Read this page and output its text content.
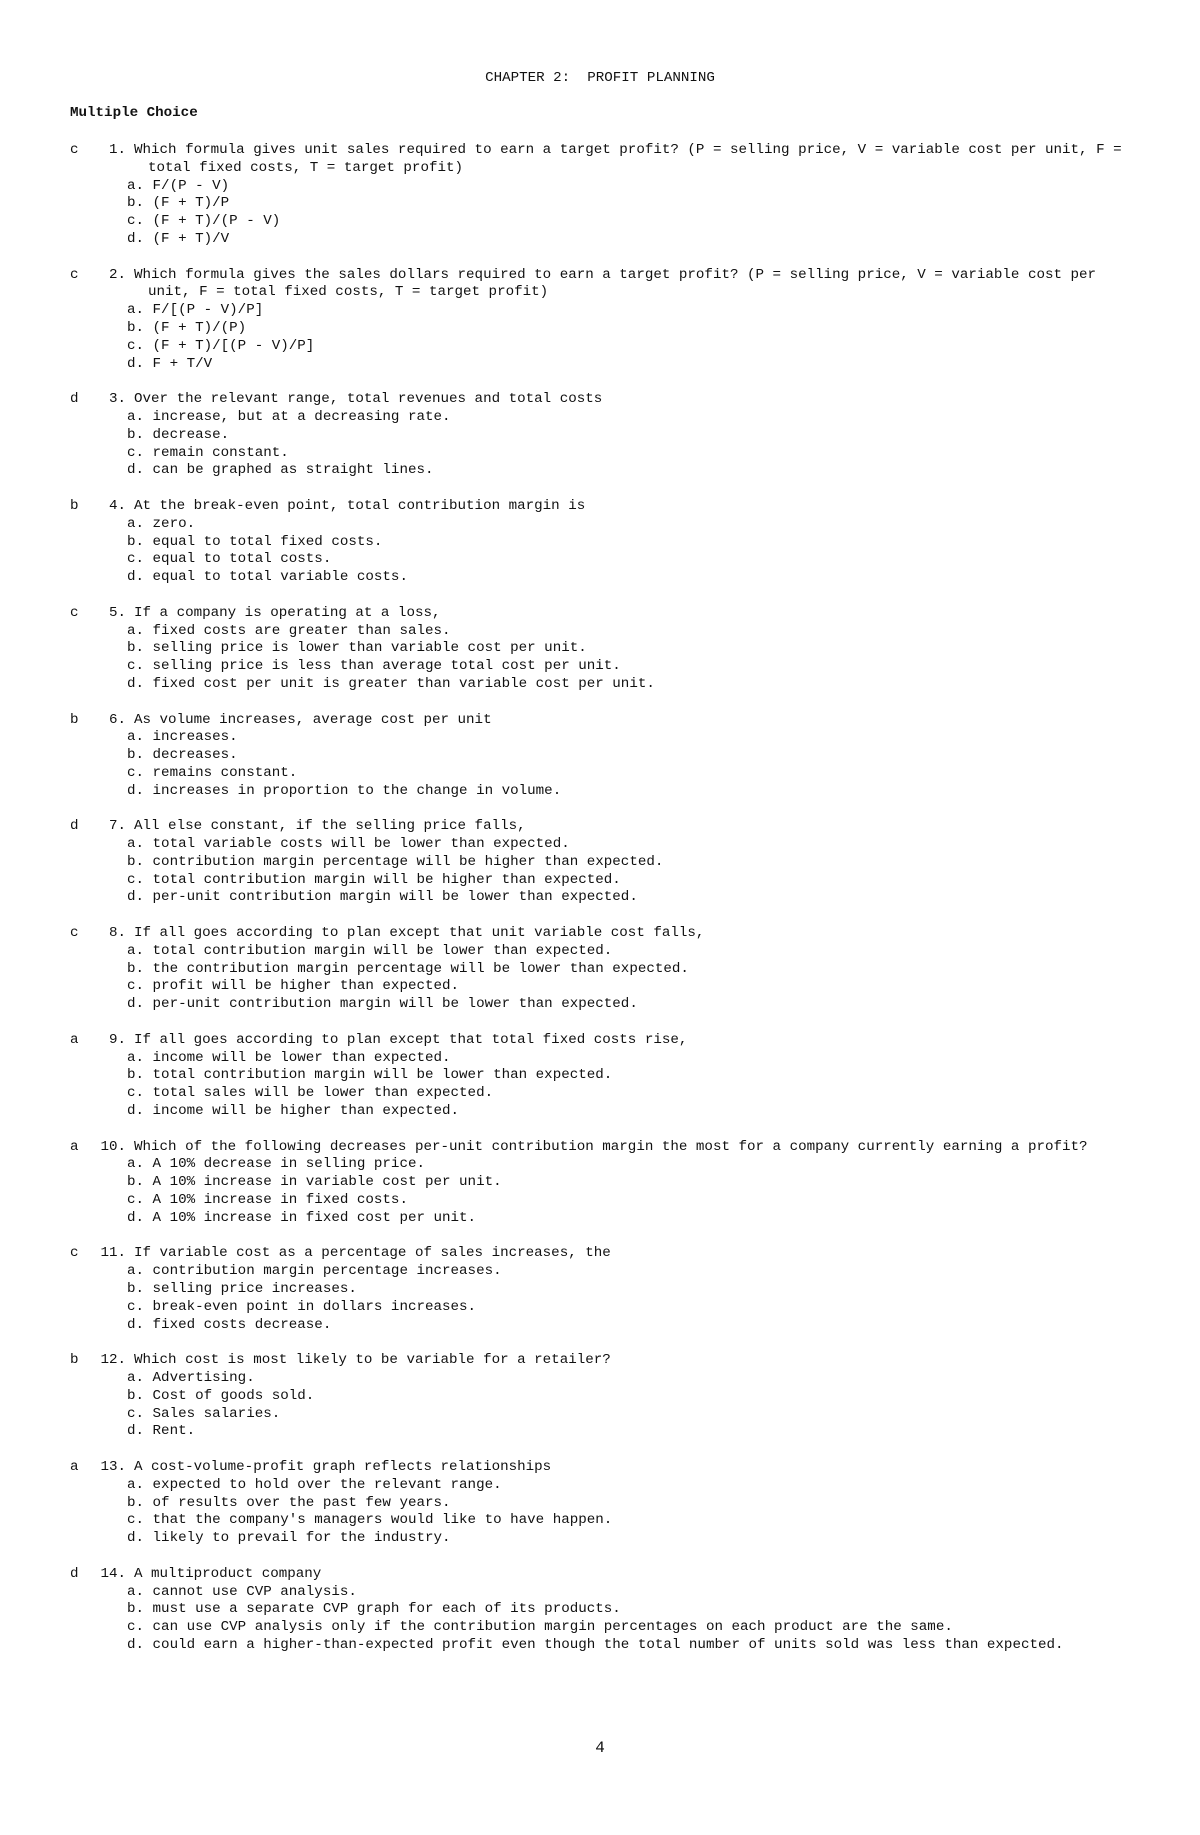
CHAPTER 2:  PROFIT PLANNING
Multiple Choice
c	1. Which formula gives unit sales required to earn a target profit? (P = selling price, V = variable cost per unit, F = total fixed costs, T = target profit)
a. F/(P - V)
b. (F + T)/P
c. (F + T)/(P - V)
d. (F + T)/V
c	2. Which formula gives the sales dollars required to earn a target profit? (P = selling price, V = variable cost per unit, F = total fixed costs, T = target profit)
a. F/[(P - V)/P]
b. (F + T)/(P)
c. (F + T)/[(P - V)/P]
d. F + T/V
d	3. Over the relevant range, total revenues and total costs
a. increase, but at a decreasing rate.
b. decrease.
c. remain constant.
d. can be graphed as straight lines.
b	4. At the break-even point, total contribution margin is
a. zero.
b. equal to total fixed costs.
c. equal to total costs.
d. equal to total variable costs.
c	5. If a company is operating at a loss,
a. fixed costs are greater than sales.
b. selling price is lower than variable cost per unit.
c. selling price is less than average total cost per unit.
d. fixed cost per unit is greater than variable cost per unit.
b	6. As volume increases, average cost per unit
a. increases.
b. decreases.
c. remains constant.
d. increases in proportion to the change in volume.
d	7. All else constant, if the selling price falls,
a. total variable costs will be lower than expected.
b. contribution margin percentage will be higher than expected.
c. total contribution margin will be higher than expected.
d. per-unit contribution margin will be lower than expected.
c	8. If all goes according to plan except that unit variable cost falls,
a. total contribution margin will be lower than expected.
b. the contribution margin percentage will be lower than expected.
c. profit will be higher than expected.
d. per-unit contribution margin will be lower than expected.
a	9. If all goes according to plan except that total fixed costs rise,
a. income will be lower than expected.
b. total contribution margin will be lower than expected.
c. total sales will be lower than expected.
d. income will be higher than expected.
a	10. Which of the following decreases per-unit contribution margin the most for a company currently earning a profit?
a. A 10% decrease in selling price.
b. A 10% increase in variable cost per unit.
c. A 10% increase in fixed costs.
d. A 10% increase in fixed cost per unit.
c	11. If variable cost as a percentage of sales increases, the
a. contribution margin percentage increases.
b. selling price increases.
c. break-even point in dollars increases.
d. fixed costs decrease.
b	12. Which cost is most likely to be variable for a retailer?
a. Advertising.
b. Cost of goods sold.
c. Sales salaries.
d. Rent.
a	13. A cost-volume-profit graph reflects relationships
a. expected to hold over the relevant range.
b. of results over the past few years.
c. that the company's managers would like to have happen.
d. likely to prevail for the industry.
d	14. A multiproduct company
a. cannot use CVP analysis.
b. must use a separate CVP graph for each of its products.
c. can use CVP analysis only if the contribution margin percentages on each product are the same.
d. could earn a higher-than-expected profit even though the total number of units sold was less than expected.
4
